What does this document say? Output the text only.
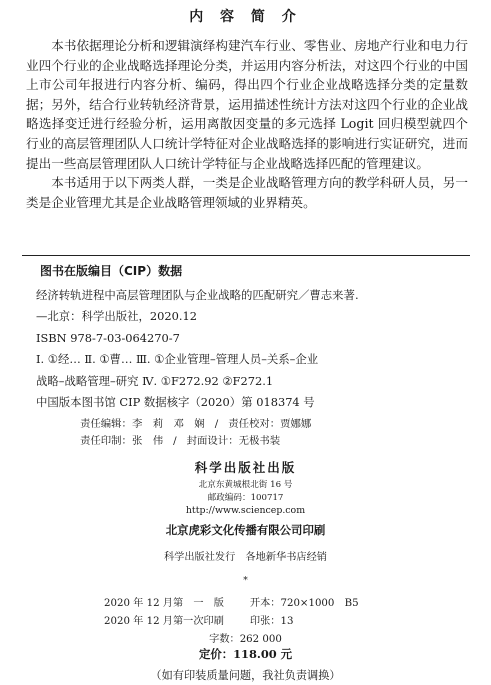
内 容 简 介

本书依据理论分析和逻辑演绎构建汽车行业、零售业、房地产行业和电力行业四个行业的企业战略选择理论分类，并运用内容分析法，对这四个行业的中国上市公司年报进行内容分析、编码，得出四个行业企业战略选择分类的定量数据；另外，结合行业转轨经济背景，运用描述性统计方法对这四个行业的企业战略选择变迁进行经验分析，运用离散因变量的多元选择 Logit 回归模型就四个行业的高层管理团队人口统计学特征对企业战略选择的影响进行实证研究，进而提出一些高层管理团队人口统计学特征与企业战略选择匹配的管理建议。

本书适用于以下两类人群，一类是企业战略管理方向的教学科研人员，另一类是企业管理尤其是企业战略管理领域的业界精英。

图书在版编目（CIP）数据
经济转轨进程中高层管理团队与企业战略的匹配研究／曹志来著.
—北京：科学出版社，2020.12
ISBN 978-7-03-064270-7
Ⅰ. ①经… Ⅱ. ①曹… Ⅲ. ①企业管理–管理人员–关系–企业
战略–战略管理–研究 Ⅳ. ①F272.92 ②F272.1
中国版本图书馆 CIP 数据核字（2020）第 018374 号
责任编辑：李　莉　邓　娴 / 责任校对：贾娜娜
责任印制：张　伟 / 封面设计：无极书装
科学出版社出版
北京东黄城根北街 16 号
邮政编码：100717
http://www.sciencep.com
北京虎彩文化传播有限公司印刷
科学出版社发行　各地新华书店经销
*
2020 年 12 月第　一　版	开本：720×1000　B5
2020 年 12 月第一次印刷	印张：13
字数：262 000
定价：118.00 元
（如有印装质量问题，我社负责调换）
